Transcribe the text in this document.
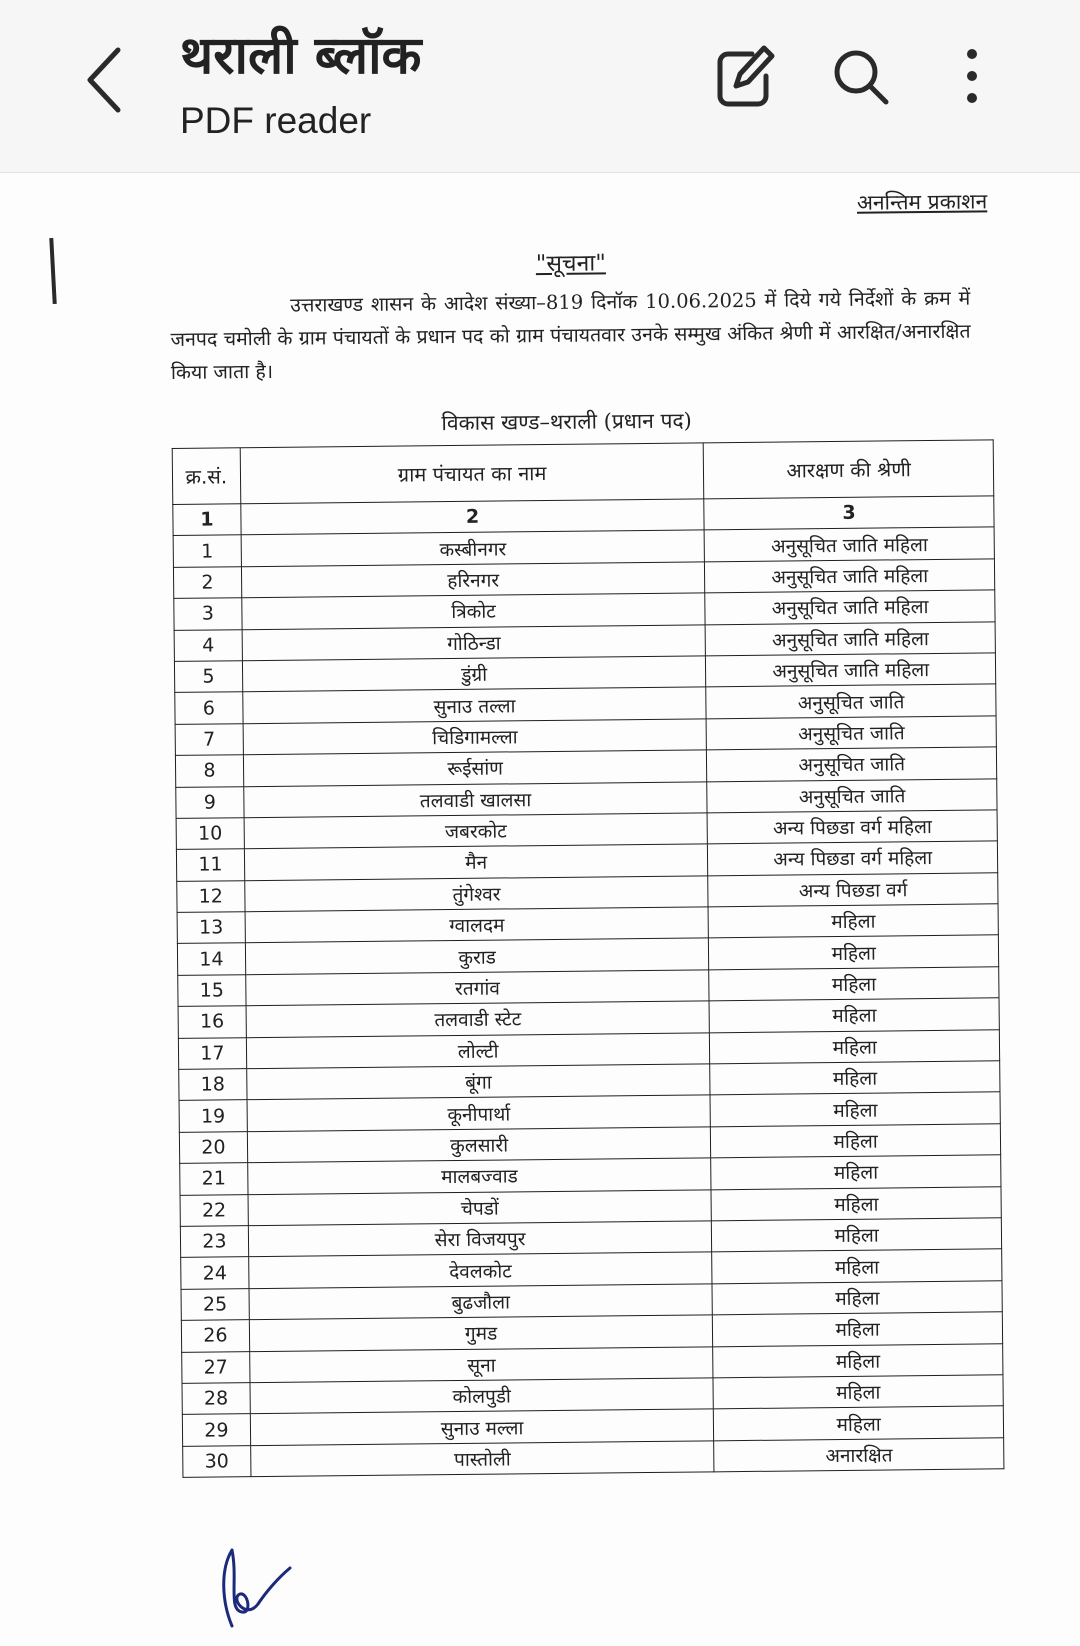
थराली ब्लॉक
PDF reader
अनन्तिम प्रकाशन
"सूचना"
उत्तराखण्ड शासन के आदेश संख्या–819 दिनॉक 10.06.2025 में दिये गये निर्देशों के क्रम में जनपद चमोली के ग्राम पंचायतों के प्रधान पद को ग्राम पंचायतवार उनके सम्मुख अंकित श्रेणी में आरक्षित/अनारक्षित किया जाता है।
विकास खण्ड–थराली (प्रधान पद)
क्र.सं.	ग्राम पंचायत का नाम	आरक्षण की श्रेणी
1	2	3
1	कस्बीनगर	अनुसूचित जाति महिला
2	हरिनगर	अनुसूचित जाति महिला
3	त्रिकोट	अनुसूचित जाति महिला
4	गोठिन्डा	अनुसूचित जाति महिला
5	डुंग्री	अनुसूचित जाति महिला
6	सुनाउ तल्ला	अनुसूचित जाति
7	चिडिगामल्ला	अनुसूचित जाति
8	रूईसांण	अनुसूचित जाति
9	तलवाडी खालसा	अनुसूचित जाति
10	जबरकोट	अन्य पिछडा वर्ग महिला
11	मैन	अन्य पिछडा वर्ग महिला
12	तुंगेश्वर	अन्य पिछडा वर्ग
13	ग्वालदम	महिला
14	कुराड	महिला
15	रतगांव	महिला
16	तलवाडी स्टेट	महिला
17	लोल्टी	महिला
18	बूंगा	महिला
19	कूनीपार्था	महिला
20	कुलसारी	महिला
21	मालबज्वाड	महिला
22	चेपडों	महिला
23	सेरा विजयपुर	महिला
24	देवलकोट	महिला
25	बुढजौला	महिला
26	गुमड	महिला
27	सूना	महिला
28	कोलपुडी	महिला
29	सुनाउ मल्ला	महिला
30	पास्तोली	अनारक्षित
